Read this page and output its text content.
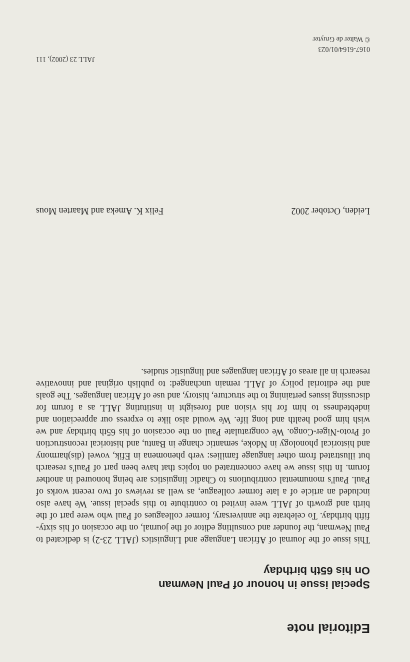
Editorial note

Special issue in honour of Paul Newman

On his 65th birthday

This issue of the Journal of African Language and Linguistics (JALL 23-2) is dedicated to Paul Newman, the founder and consulting editor of the journal, on the occasion of his sixty-fifth birthday. To celebrate the anniversary, former colleagues of Paul who were part of the birth and growth of JALL were invited to contribute to this special issue. We have also included an article of a late former colleague, as well as reviews of two recent works of Paul. Paul's monumental contributions to Chadic linguistics are being honoured in another forum. In this issue we have concentrated on topics that have been part of Paul's research but illustrated from other language families: verb phenomena in Efik, vowel (dis)harmony and historical phonology in Ndoke, semantic change in Bantu, and historical reconstruction of Proto-Niger-Congo. We congratulate Paul on the occasion of his 65th birthday and we wish him good health and long life. We would also like to express our appreciation and indebtedness to him for his vision and foresight in instituting JALL as a forum for discussing issues pertaining to the structure, history, and use of African languages. The goals and the editorial policy of JALL remain unchanged: to publish original and innovative research in all areas of African languages and linguistic studies.

Leiden, October 2002
Felix K. Ameka and Maarten Mous
JALL 23 (2002), 111
0167-6164/01/023
© Walter de Gruyter
